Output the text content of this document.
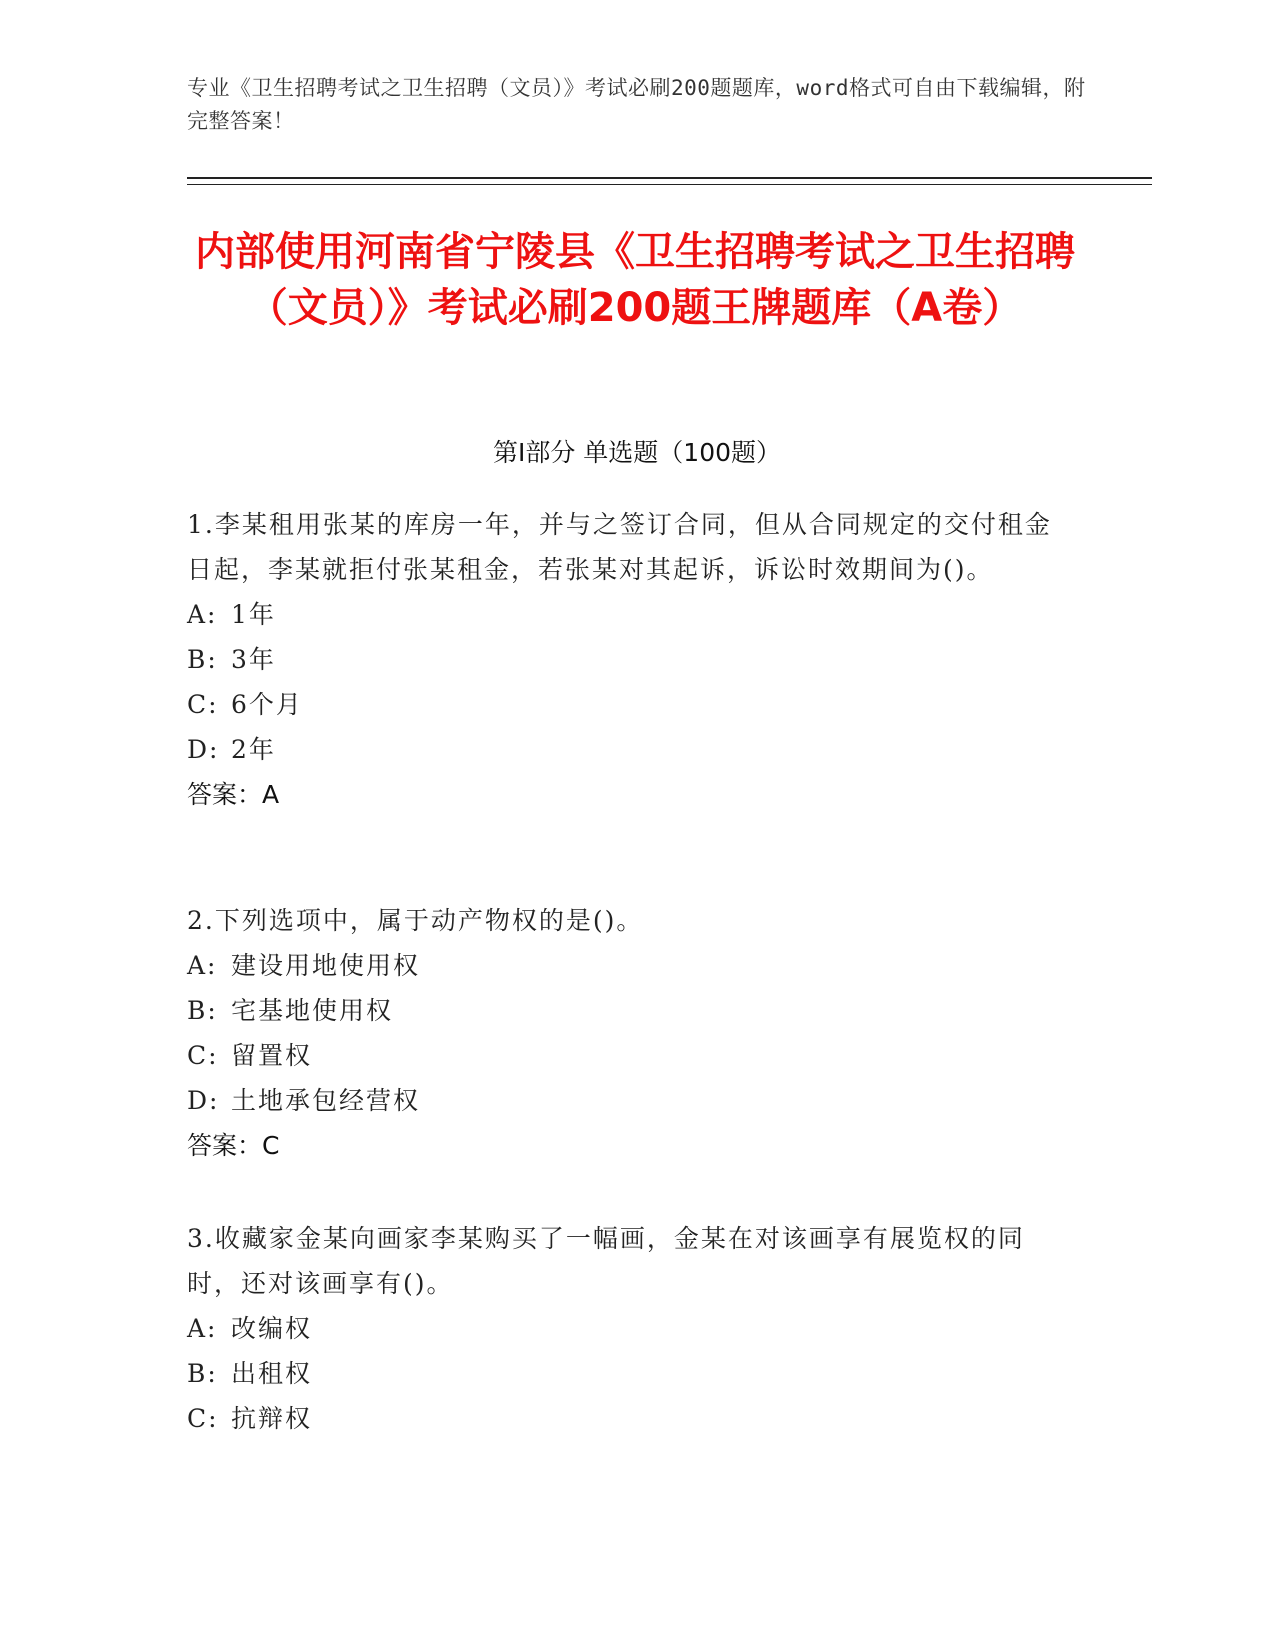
专业《卫生招聘考试之卫生招聘（文员）》考试必刷200题题库，word格式可自由下载编辑，附完整答案！
内部使用河南省宁陵县《卫生招聘考试之卫生招聘（文员）》考试必刷200题王牌题库（A卷）
第I部分 单选题（100题）
1.李某租用张某的库房一年，并与之签订合同，但从合同规定的交付租金日起，李某就拒付张某租金，若张某对其起诉，诉讼时效期间为()。
A: 1年
B: 3年
C: 6个月
D: 2年
答案：A
2.下列选项中，属于动产物权的是()。
A: 建设用地使用权
B: 宅基地使用权
C: 留置权
D: 土地承包经营权
答案：C
3.收藏家金某向画家李某购买了一幅画，金某在对该画享有展览权的同时，还对该画享有()。
A: 改编权
B: 出租权
C: 抗辩权
